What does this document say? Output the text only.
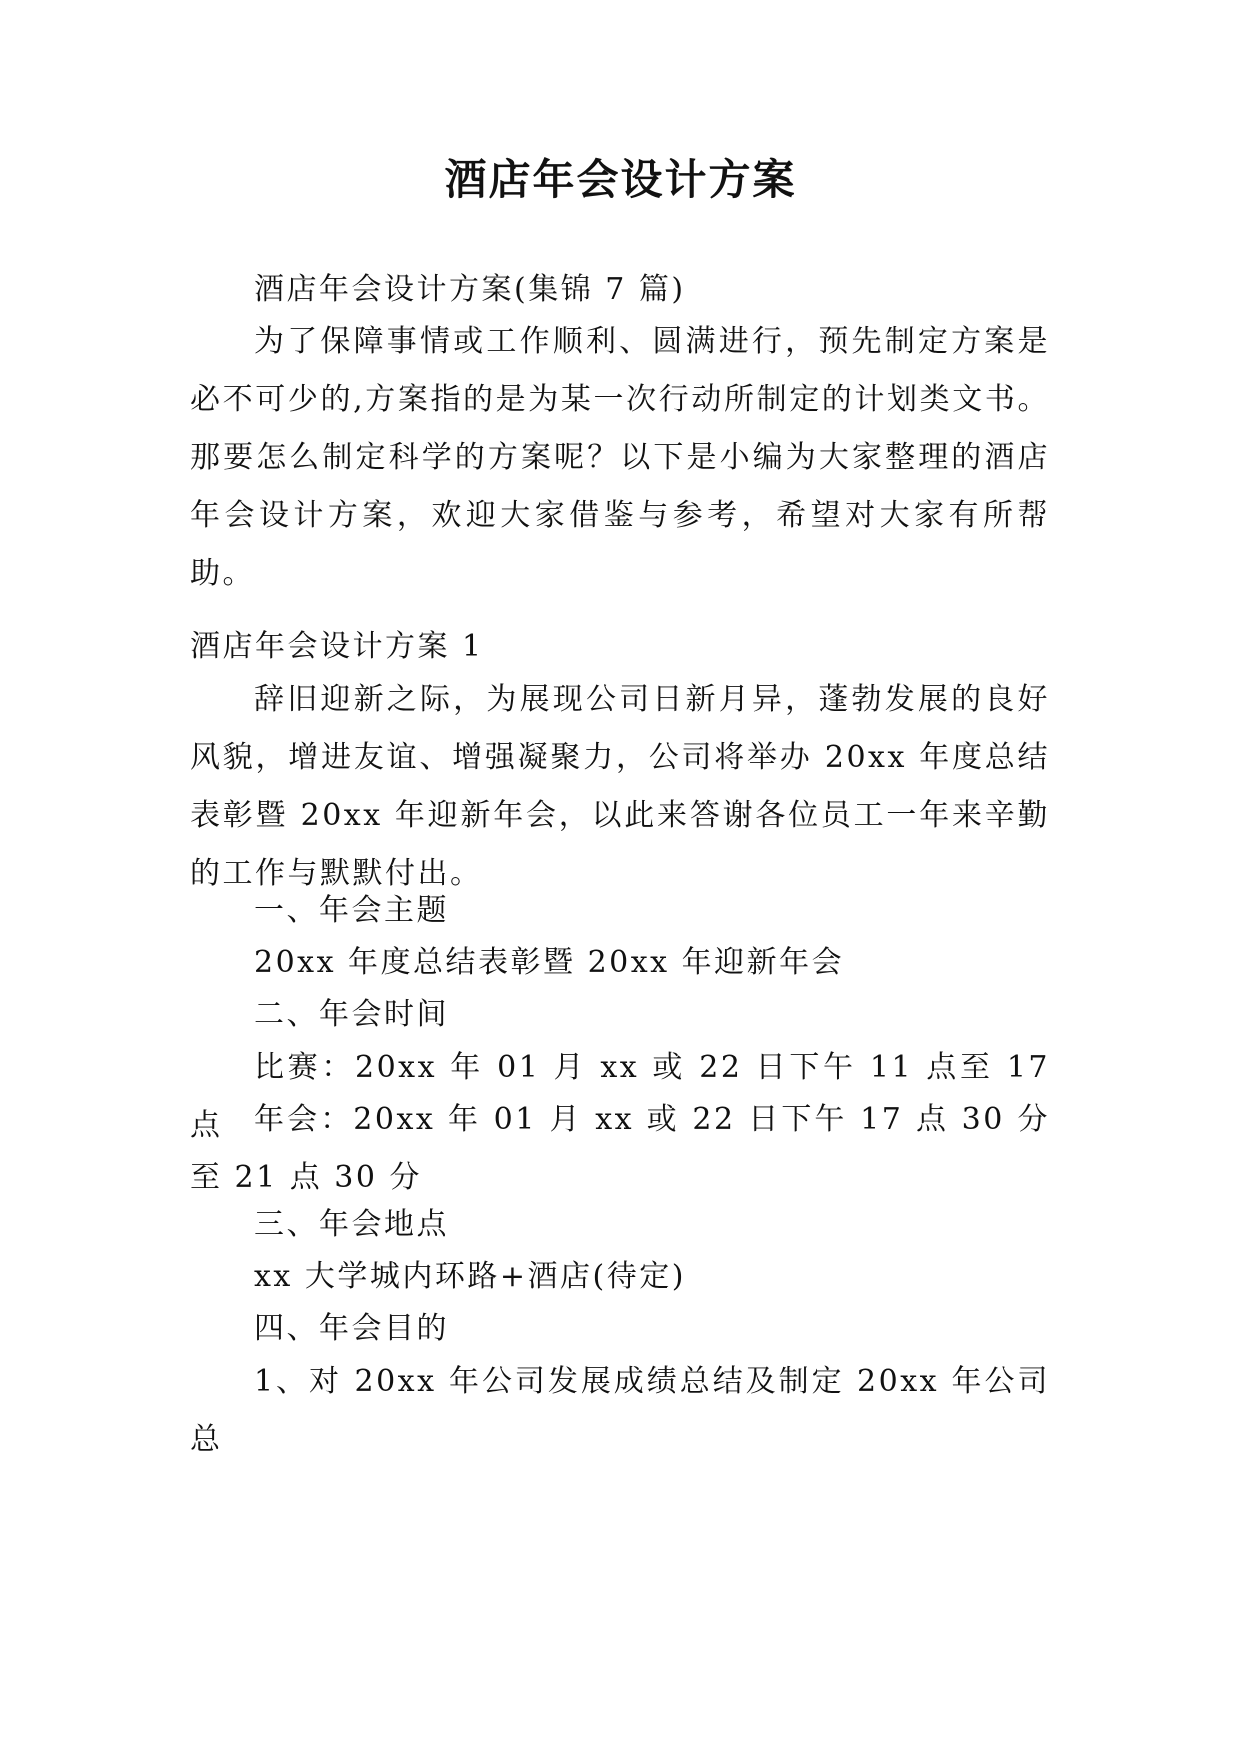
酒店年会设计方案
酒店年会设计方案(集锦 7 篇)
为了保障事情或工作顺利、圆满进行，预先制定方案是必不可少的,方案指的是为某一次行动所制定的计划类文书。那要怎么制定科学的方案呢？以下是小编为大家整理的酒店年会设计方案，欢迎大家借鉴与参考，希望对大家有所帮助。
酒店年会设计方案 1
辞旧迎新之际，为展现公司日新月异，蓬勃发展的良好风貌，增进友谊、增强凝聚力，公司将举办 20xx 年度总结表彰暨 20xx 年迎新年会，以此来答谢各位员工一年来辛勤的工作与默默付出。
一、年会主题
20xx 年度总结表彰暨 20xx 年迎新年会
二、年会时间
比赛：20xx 年 01 月 xx 或 22 日下午 11 点至 17 点	年会：20xx 年 01 月 xx 或 22 日下午 17 点 30 分至 21 点 30 分
三、年会地点
xx 大学城内环路+酒店(待定)
四、年会目的
1、对 20xx 年公司发展成绩总结及制定 20xx 年公司总
